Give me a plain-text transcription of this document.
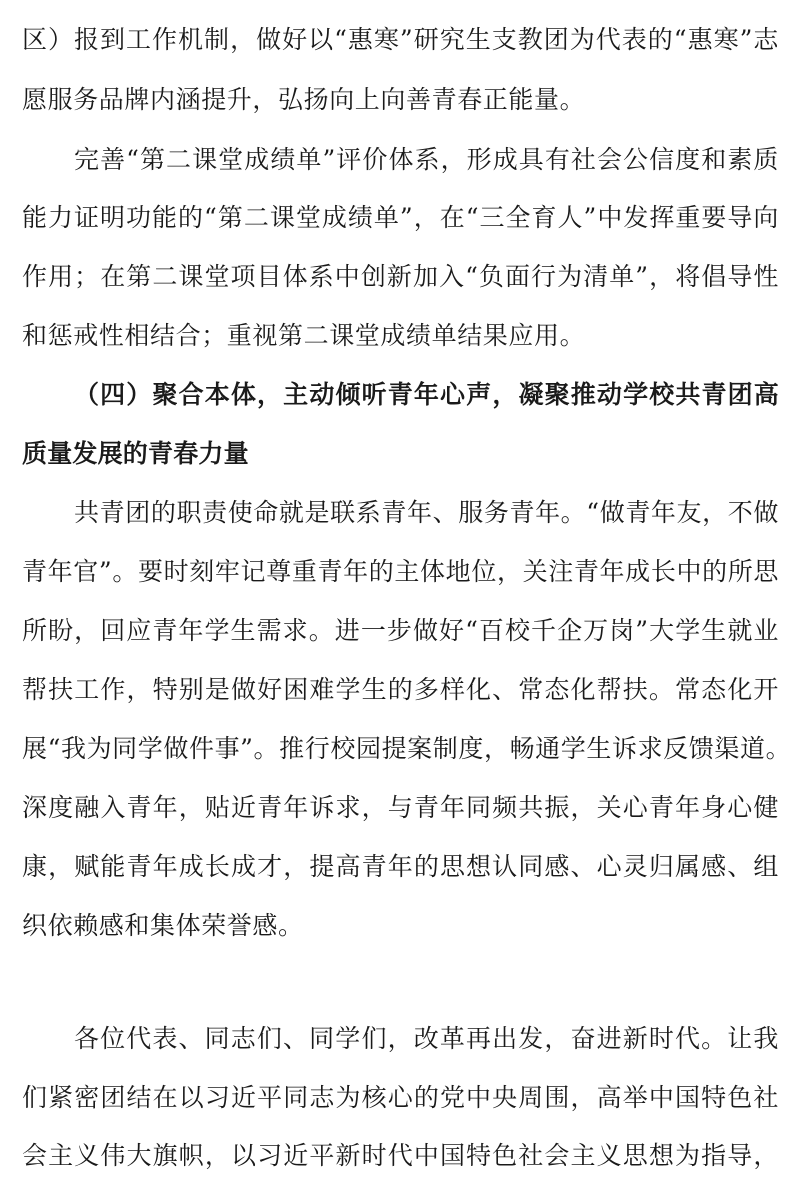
区）报到工作机制，做好以“惠寒”研究生支教团为代表的“惠寒”志
愿服务品牌内涵提升，弘扬向上向善青春正能量。
完善“第二课堂成绩单”评价体系，形成具有社会公信度和素质
能力证明功能的“第二课堂成绩单”，在“三全育人”中发挥重要导向
作用；在第二课堂项目体系中创新加入“负面行为清单”，将倡导性
和惩戒性相结合；重视第二课堂成绩单结果应用。
（四）聚合本体，主动倾听青年心声，凝聚推动学校共青团高
质量发展的青春力量
共青团的职责使命就是联系青年、服务青年。“做青年友，不做
青年官”。要时刻牢记尊重青年的主体地位，关注青年成长中的所思
所盼，回应青年学生需求。进一步做好“百校千企万岗”大学生就业
帮扶工作，特别是做好困难学生的多样化、常态化帮扶。常态化开
展“我为同学做件事”。推行校园提案制度，畅通学生诉求反馈渠道。
深度融入青年，贴近青年诉求，与青年同频共振，关心青年身心健
康，赋能青年成长成才，提高青年的思想认同感、心灵归属感、组
织依赖感和集体荣誉感。
各位代表、同志们、同学们，改革再出发，奋进新时代。让我
们紧密团结在以习近平同志为核心的党中央周围，高举中国特色社
会主义伟大旗帜，以习近平新时代中国特色社会主义思想为指导，
